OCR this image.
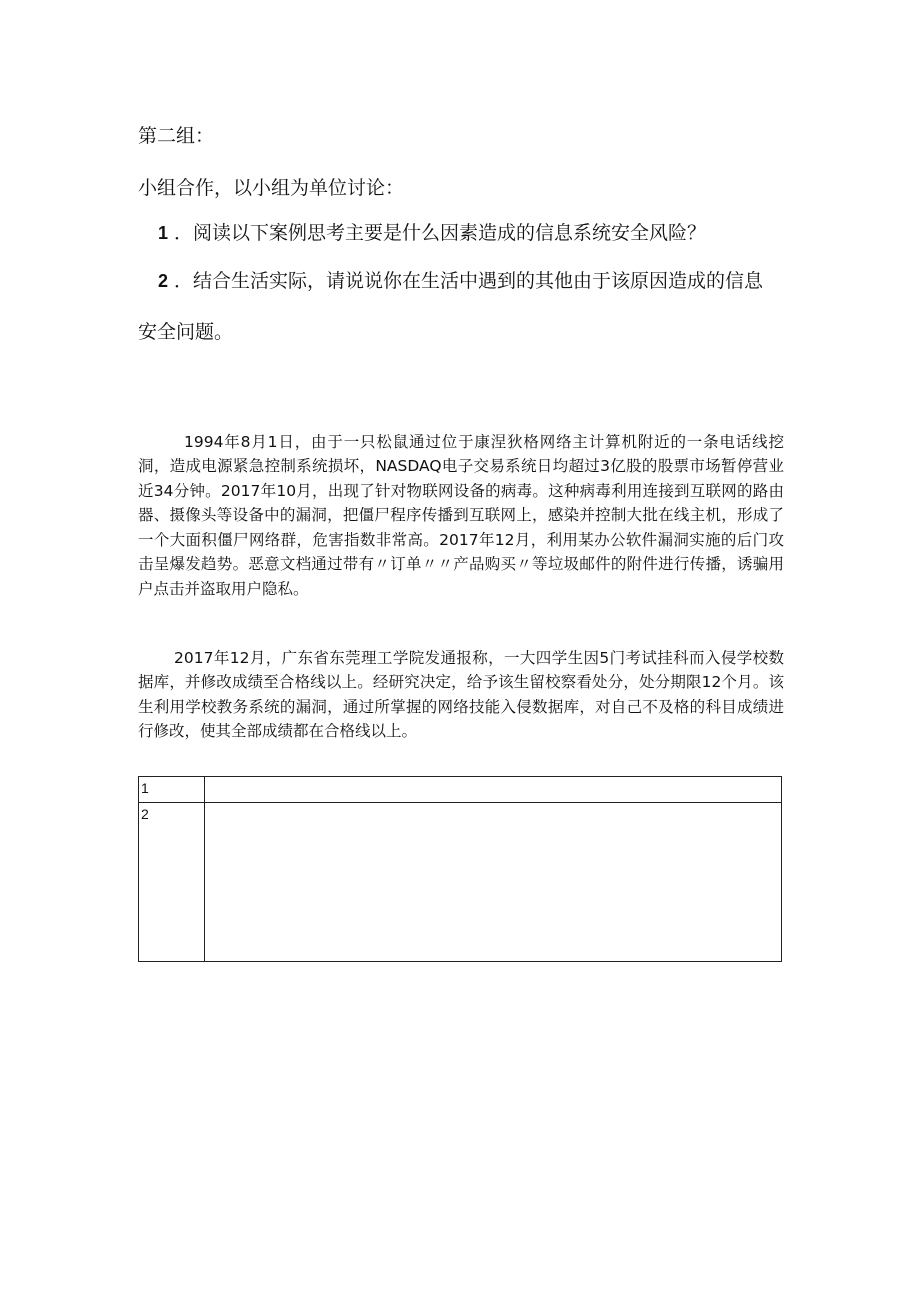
第二组：
小组合作，以小组为单位讨论：
1 ．阅读以下案例思考主要是什么因素造成的信息系统安全风险？
2 ．结合生活实际，请说说你在生活中遇到的其他由于该原因造成的信息
安全问题。

1994年8月1日，由于一只松鼠通过位于康涅狄格网络主计算机附近的一条电话线挖洞，造成电源紧急控制系统损坏，NASDAQ电子交易系统日均超过3亿股的股票市场暂停营业近34分钟。2017年10月，出现了针对物联网设备的病毒。这种病毒利用连接到互联网的路由器、摄像头等设备中的漏洞，把僵尸程序传播到互联网上，感染并控制大批在线主机，形成了一个大面积僵尸网络群，危害指数非常高。2017年12月，利用某办公软件漏洞实施的后门攻击呈爆发趋势。恶意文档通过带有〃订单〃〃产品购买〃等垃圾邮件的附件进行传播，诱骗用户点击并盗取用户隐私。

2017年12月，广东省东莞理工学院发通报称，一大四学生因5门考试挂科而入侵学校数据库，并修改成绩至合格线以上。经研究决定，给予该生留校察看处分，处分期限12个月。该生利用学校教务系统的漏洞，通过所掌握的网络技能入侵数据库，对自己不及格的科目成绩进行修改，使其全部成绩都在合格线以上。

1	
2	
